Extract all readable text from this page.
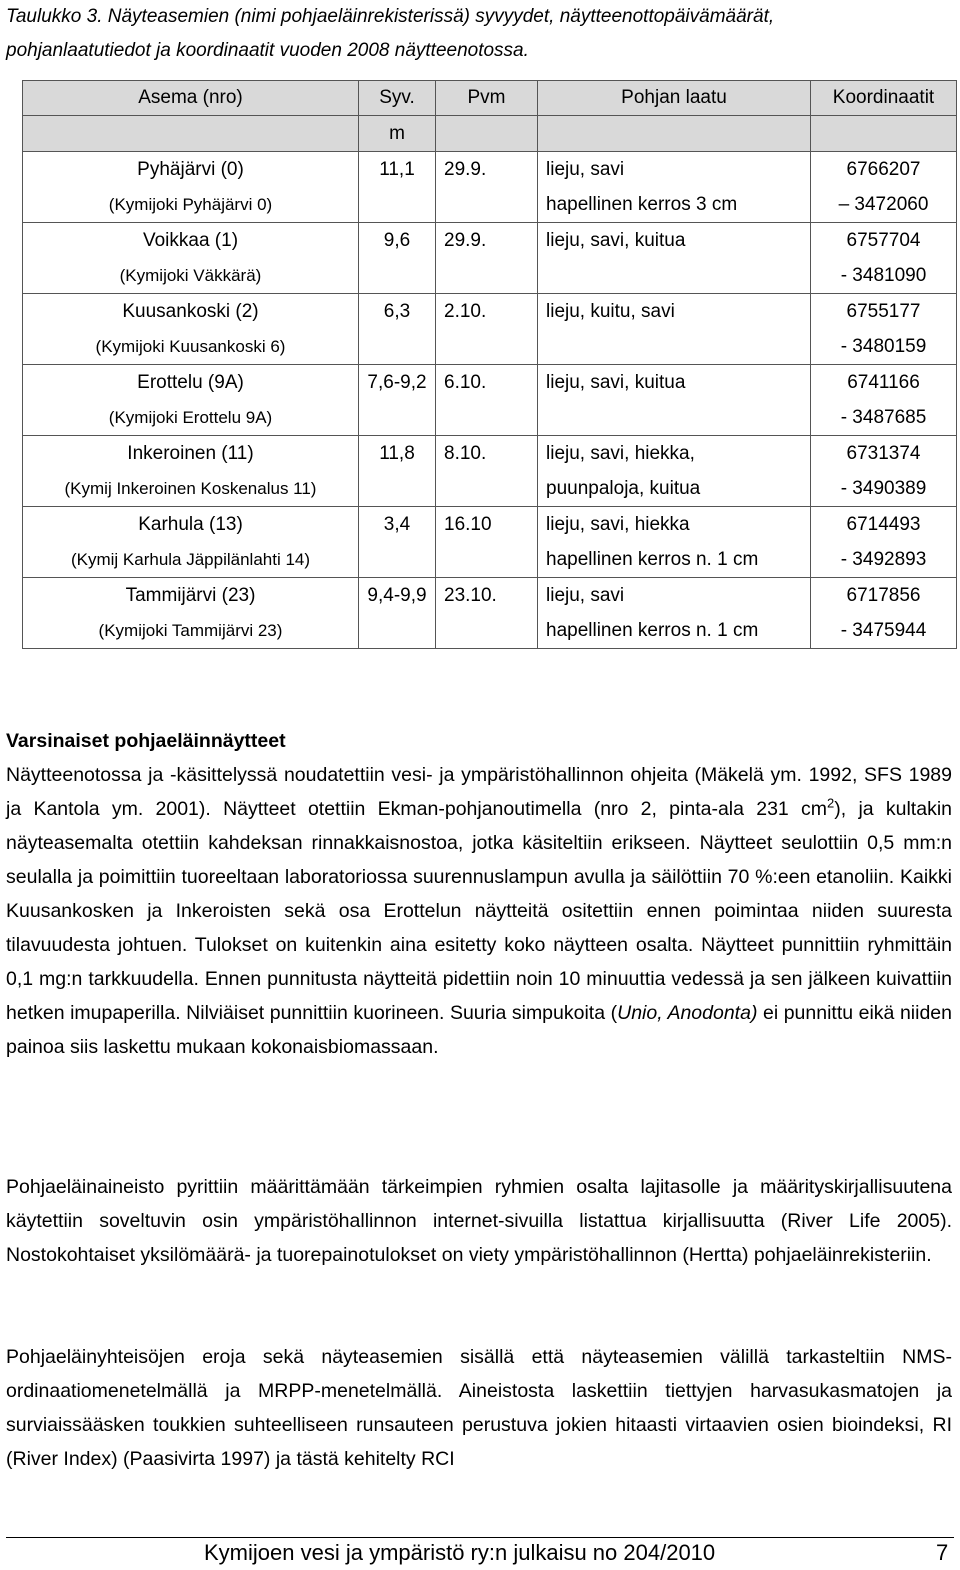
Taulukko 3. Näyteasemien (nimi pohjaeläinrekisterissä) syvyydet, näytteenottopäivämäärät,
pohjanlaatutiedot ja koordinaatit vuoden 2008 näytteenotossa.
Asema (nro)	Syv.	Pvm	Pohjan laatu	Koordinaatit
	m			
Pyhäjärvi (0)	11,1	29.9.	lieju, savi	6766207
(Kymijoki Pyhäjärvi 0)			hapellinen kerros 3 cm	– 3472060
Voikkaa (1)	9,6	29.9.	lieju, savi, kuitua	6757704
(Kymijoki Väkkärä)				- 3481090
Kuusankoski (2)	6,3	2.10.	lieju, kuitu, savi	6755177
(Kymijoki Kuusankoski 6)				- 3480159
Erottelu (9A)	7,6-9,2	6.10.	lieju, savi, kuitua	6741166
(Kymijoki Erottelu 9A)				- 3487685
Inkeroinen (11)	11,8	8.10.	lieju, savi, hiekka,	6731374
(Kymij Inkeroinen Koskenalus 11)			puunpaloja, kuitua	- 3490389
Karhula (13)	3,4	16.10	lieju, savi, hiekka	6714493
(Kymij Karhula Jäppilänlahti 14)			hapellinen kerros n. 1 cm	- 3492893
Tammijärvi (23)	9,4-9,9	23.10.	lieju, savi	6717856
(Kymijoki Tammijärvi 23)			hapellinen kerros n. 1 cm	- 3475944
Varsinaiset pohjaeläinnäytteet
Näytteenotossa ja -käsittelyssä noudatettiin vesi- ja ympäristöhallinnon ohjeita (Mäkelä ym. 1992, SFS 1989 ja Kantola ym. 2001). Näytteet otettiin Ekman-pohjanoutimella (nro 2, pinta-ala 231 $cm^2$), ja kultakin näyteasemalta otettiin kahdeksan rinnakkaisnostoa, jotka käsiteltiin erikseen. Näytteet seulottiin 0,5 mm:n seulalla ja poimittiin tuoreeltaan laboratoriossa suurennuslampun avulla ja säilöttiin 70 %:een etanoliin. Kaikki Kuusankosken ja Inkeroisten sekä osa Erottelun näytteitä ositettiin ennen poimintaa niiden suuresta tilavuudesta johtuen. Tulokset on kuitenkin aina esitetty koko näytteen osalta. Näytteet punnittiin ryhmittäin 0,1 mg:n tarkkuudella. Ennen punnitusta näytteitä pidettiin noin 10 minuuttia vedessä ja sen jälkeen kuivattiin hetken imupaperilla. Nilviäiset punnittiin kuorineen. Suuria simpukoita (Unio, Anodonta) ei punnittu eikä niiden painoa siis laskettu mukaan kokonaisbiomassaan.
Pohjaeläinaineisto pyrittiin määrittämään tärkeimpien ryhmien osalta lajitasolle ja määrityskirjallisuutena käytettiin soveltuvin osin ympäristöhallinnon internet-sivuilla listattua kirjallisuutta (River Life 2005). Nostokohtaiset yksilömäärä- ja tuorepainotulokset on viety ympäristöhallinnon (Hertta) pohjaeläinrekisteriin.
Pohjaeläinyhteisöjen eroja sekä näyteasemien sisällä että näyteasemien välillä tarkasteltiin NMS-ordinaatiomenetelmällä ja MRPP-menetelmällä. Aineistosta laskettiin tiettyjen harvasukasmatojen ja surviaissääsken toukkien suhteelliseen runsauteen perustuva jokien hitaasti virtaavien osien bioindeksi, RI (River Index) (Paasivirta 1997) ja tästä kehitelty RCI
Kymijoen vesi ja ympäristö ry:n julkaisu no 204/2010	7
